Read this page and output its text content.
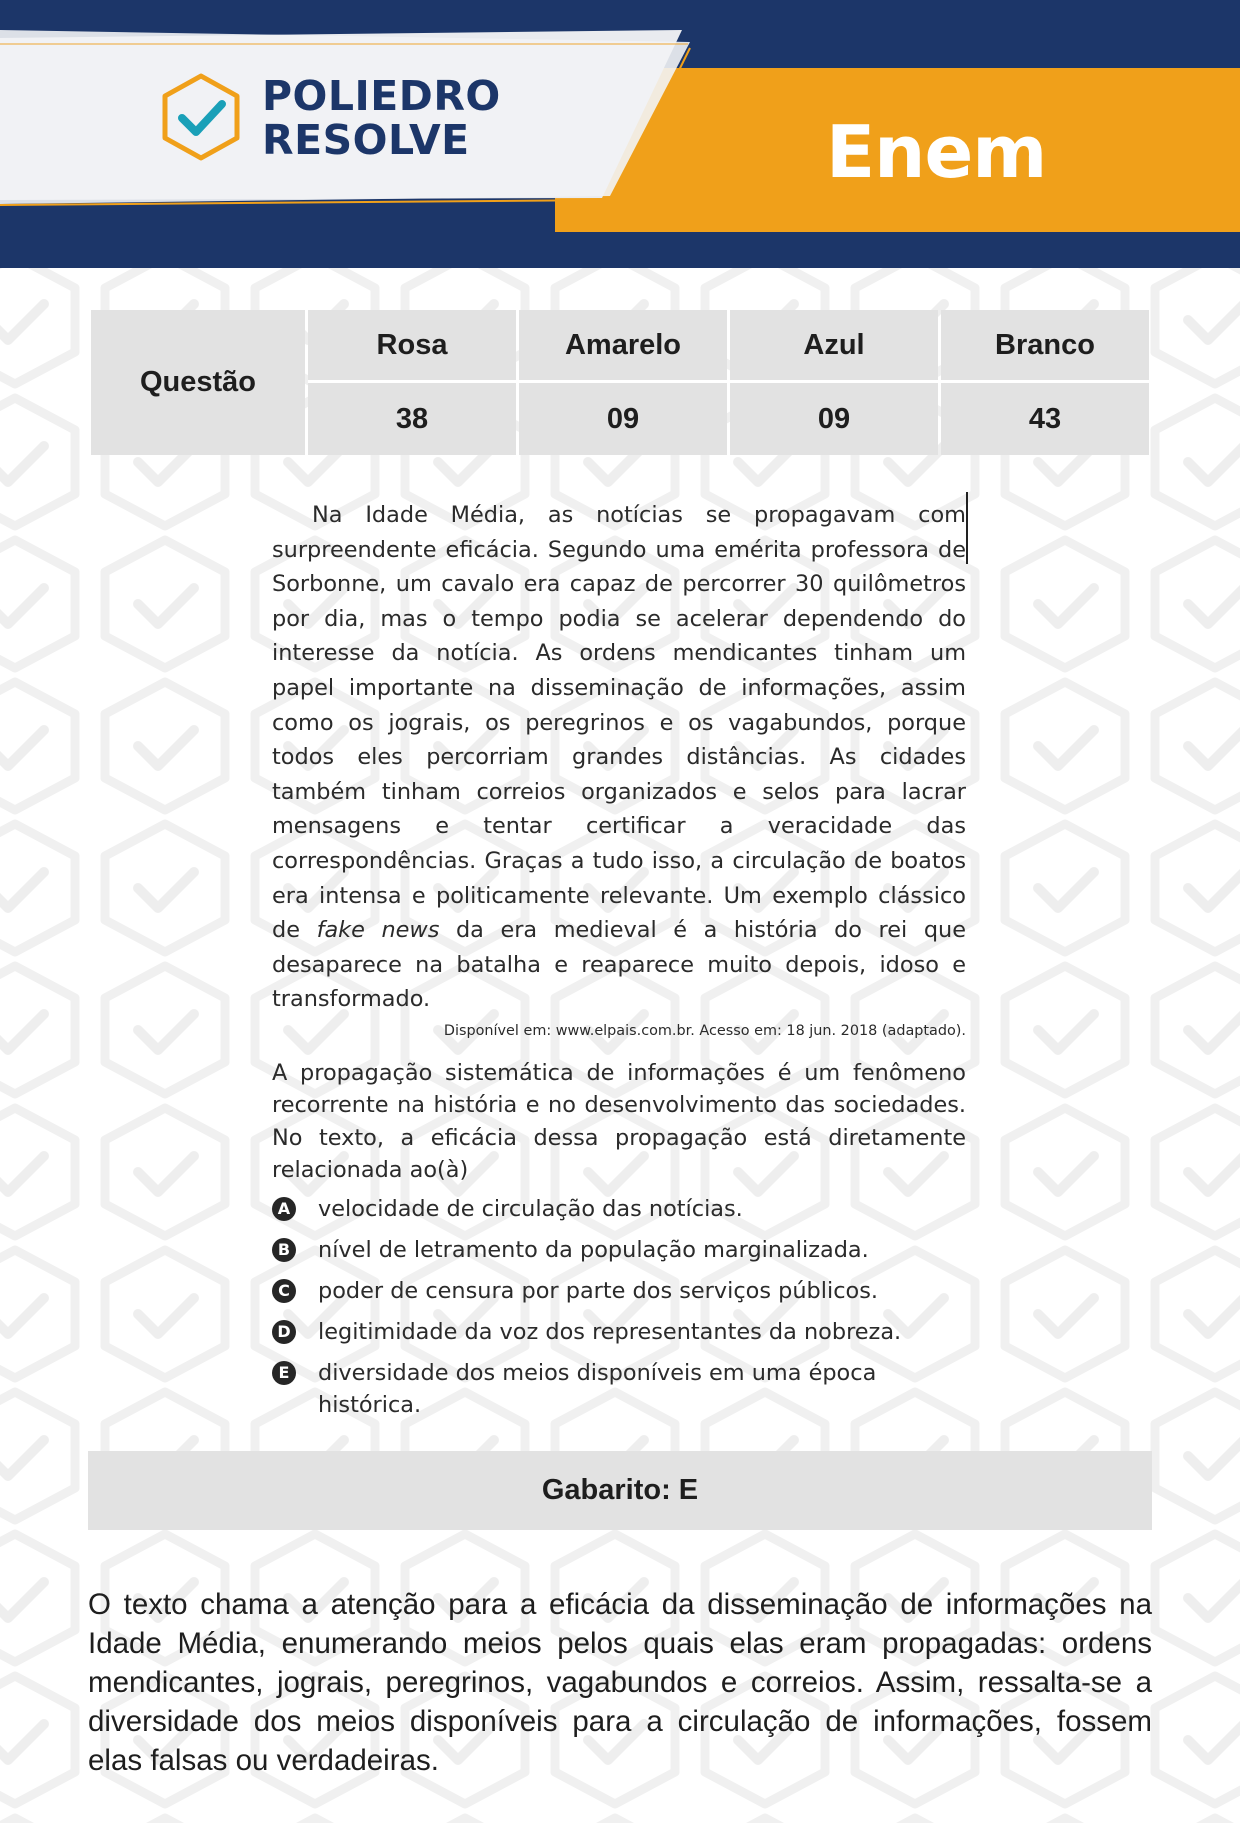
POLIEDRO
RESOLVE	Enem
Questão	Rosa	Amarelo	Azul	Branco
	38	09	09	43

Na Idade Média, as notícias se propagavam com surpreendente eficácia. Segundo uma emérita professora de Sorbonne, um cavalo era capaz de percorrer 30 quilômetros por dia, mas o tempo podia se acelerar dependendo do interesse da notícia. As ordens mendicantes tinham um papel importante na disseminação de informações, assim como os jograis, os peregrinos e os vagabundos, porque todos eles percorriam grandes distâncias. As cidades também tinham correios organizados e selos para lacrar mensagens e tentar certificar a veracidade das correspondências. Graças a tudo isso, a circulação de boatos era intensa e politicamente relevante. Um exemplo clássico de fake news da era medieval é a história do rei que desaparece na batalha e reaparece muito depois, idoso e transformado.

Disponível em: www.elpais.com.br. Acesso em: 18 jun. 2018 (adaptado).

A propagação sistemática de informações é um fenômeno recorrente na história e no desenvolvimento das sociedades. No texto, a eficácia dessa propagação está diretamente relacionada ao(à)

A velocidade de circulação das notícias.
B nível de letramento da população marginalizada.
C poder de censura por parte dos serviços públicos.
D legitimidade da voz dos representantes da nobreza.
E diversidade dos meios disponíveis em uma época histórica.
Gabarito: E

O texto chama a atenção para a eficácia da disseminação de informações na Idade Média, enumerando meios pelos quais elas eram propagadas: ordens mendicantes, jograis, peregrinos, vagabundos e correios. Assim, ressalta-se a diversidade dos meios disponíveis para a circulação de informações, fossem elas falsas ou verdadeiras.
